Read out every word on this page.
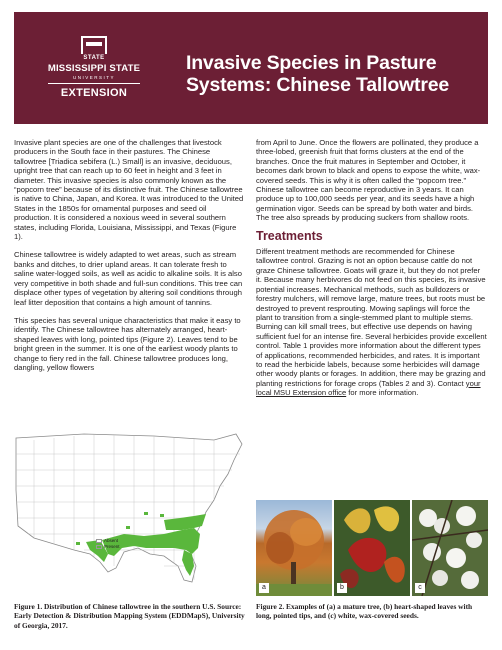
STATE
MISSISSIPPI STATE
UNIVERSITY
EXTENSION
Invasive Species in Pasture
Systems: Chinese Tallowtree

Invasive plant species are one of the challenges that livestock producers in the South face in their pastures. The Chinese tallowtree [Triadica sebifera (L.) Small] is an invasive, deciduous, upright tree that can reach up to 60 feet in height and 3 feet in diameter. This invasive species is also commonly known as the “popcorn tree” because of its distinctive fruit. The Chinese tallowtree is native to China, Japan, and Korea. It was introduced to the United States in the 1850s for ornamental purposes and seed oil production. It is considered a noxious weed in several southern states, including Florida, Louisiana, Mississippi, and Texas (Figure 1).

Chinese tallowtree is widely adapted to wet areas, such as stream banks and ditches, to drier upland areas. It can tolerate fresh to saline water-logged soils, as well as acidic to alkaline soils. It is also very competitive in both shade and full-sun conditions. This tree can displace other types of vegetation by altering soil conditions through leaf litter deposition that contains a high amount of tannins.

This species has several unique characteristics that make it easy to identify. The Chinese tallowtree has alternately arranged, heart-shaped leaves with long, pointed tips (Figure 2). Leaves tend to be bright green in the summer. It is one of the earliest woody plants to change to fiery red in the fall. Chinese tallowtree produces long, dangling, yellow flowers

from April to June. Once the flowers are pollinated, they produce a three-lobed, greenish fruit that forms clusters at the end of the branches. Once the fruit matures in September and October, it becomes dark brown to black and opens to expose the white, wax-covered seeds. This is why it is often called the “popcorn tree.” Chinese tallowtree can become reproductive in 3 years. It can produce up to 100,000 seeds per year, and its seeds have a high germination vigor. Seeds can be spread by both water and birds. The tree also spreads by producing suckers from shallow roots.

Treatments

Different treatment methods are recommended for Chinese tallowtree control. Grazing is not an option because cattle do not graze Chinese tallowtree. Goats will graze it, but they do not prefer it. Because many herbivores do not feed on this species, its invasive potential increases. Mechanical methods, such as bulldozers or forestry mulchers, will remove large, mature trees, but roots must be destroyed to prevent resprouting. Mowing saplings will force the plant to transition from a single-stemmed plant to multiple stems. Burning can kill small trees, but effective use depends on having sufficient fuel for an intense fire. Several herbicides provide excellent control. Table 1 provides more information about the different types of applications, recommended herbicides, and rates. It is important to read the herbicide labels, because some herbicides will damage other woody plants or forages. In addition, there may be grazing and planting restrictions for forage crops (Tables 2 and 3). Contact your local MSU Extension office for more information.

Absent
Present
a	b	c
Figure 1. Distribution of Chinese tallowtree in the southern U.S. Source: Early Detection & Distribution Mapping System (EDDMapS), University of Georgia, 2017.
Figure 2. Examples of (a) a mature tree, (b) heart-shaped leaves with long, pointed tips, and (c) white, wax-covered seeds.
